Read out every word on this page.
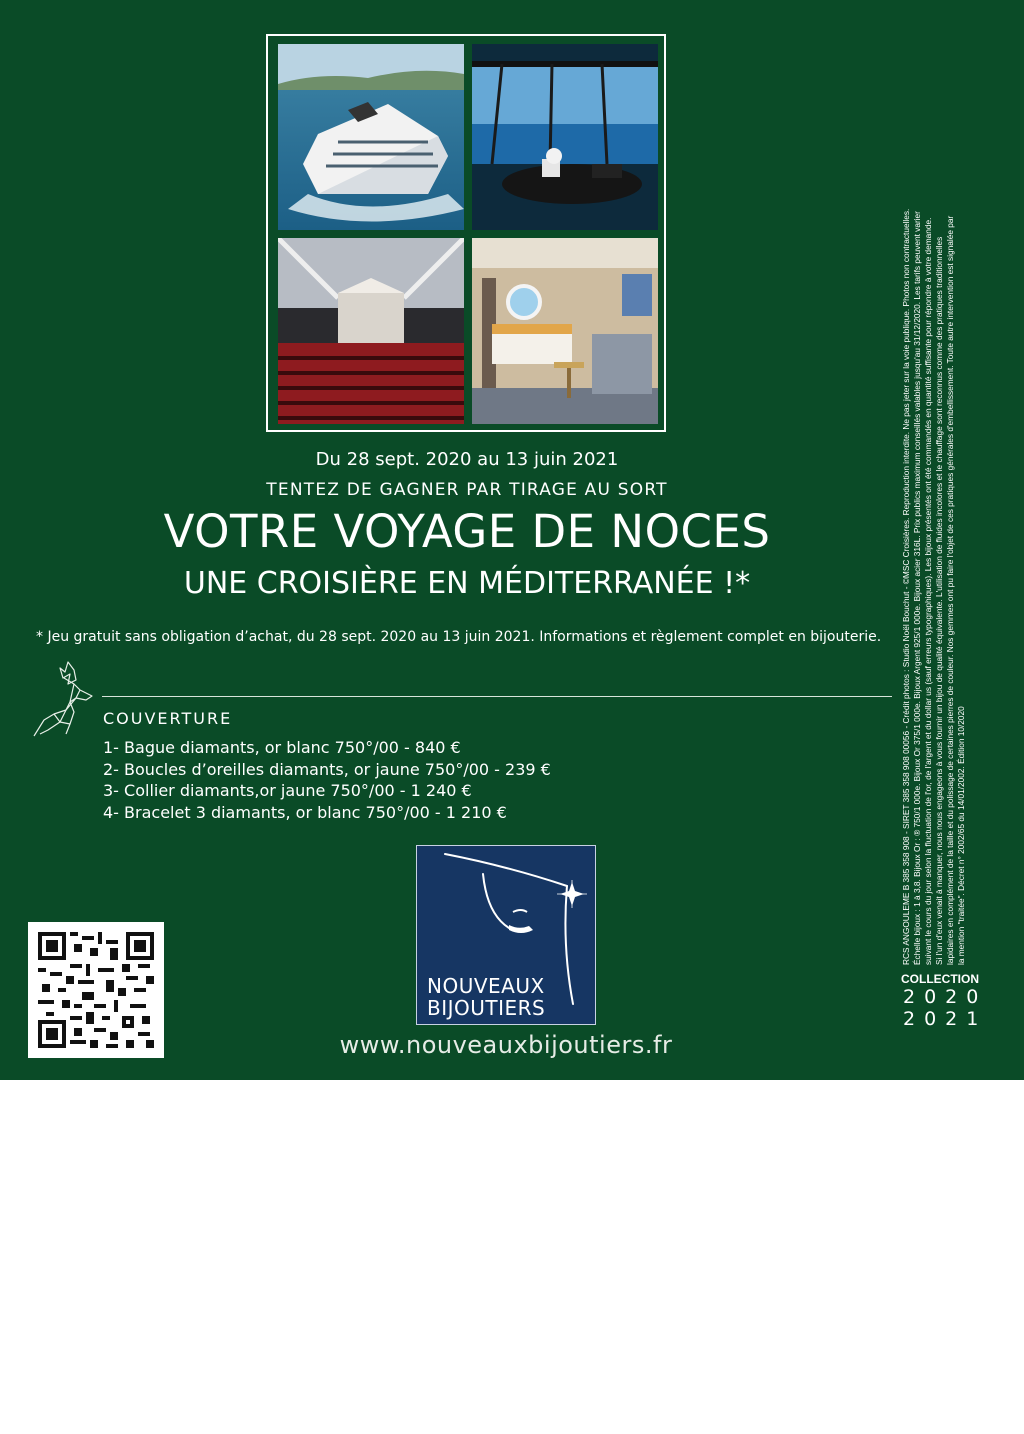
Du 28 sept. 2020 au 13 juin 2021
TENTEZ DE GAGNER PAR TIRAGE AU SORT
VOTRE VOYAGE DE NOCES
UNE CROISIÈRE EN MÉDITERRANÉE !*
* Jeu gratuit sans obligation d’achat, du 28 sept. 2020 au 13 juin 2021. Informations et règlement complet en bijouterie.
COUVERTURE
1- Bague diamants, or blanc 750°/00 - 840 €
2- Boucles d’oreilles diamants, or jaune 750°/00 - 239 €
3- Collier diamants,or jaune 750°/00 - 1 240 €
4- Bracelet 3 diamants, or blanc 750°/00 - 1 210 €
NOUVEAUX
BIJOUTIERS
www.nouveauxbijoutiers.fr

RCS ANGOULEME B 385 358 908 - SIRET 385 358 908 00056 - Crédit photos : Studio Noël Bouchut - ©MSC Croisières. Reproduction interdite. Ne pas jeter sur la voie publique. Photos non contractuelles. Échelle bijoux : 1 à 3,8. Bijoux Or : ® 750/1 000e. Bijoux Or 375/1 000e. Bijoux Argent 925/1 000e. Bijoux acier 316L. Prix publics maximum conseillés valables jusqu'au 31/12/2020. Les tarifs peuvent varier suivant le cours du jour selon la fluctuation de l'or, de l'argent et du dollar us (sauf erreurs typographiques). Les bijoux présentés ont été commandés en quantité suffisante pour répondre à votre demande. Si l'un d'eux venait à manquer, nous nous engageons à vous fournir un bijou de qualité équivalente. L'utilisation de fluides incolores et le chauffage sont reconnus comme des pratiques traditionnelles lapidaires en complément de la taille et du polissage de certaines pierres de couleur. Nos gemmes ont pu faire l'objet de ces pratiques générales d'embellissement. Toute autre intervention est signalée par la mention "traitée". Décret n° 2002/65 du 14/01/2002. Édition 10/2020

COLLECTION
2020
2021
